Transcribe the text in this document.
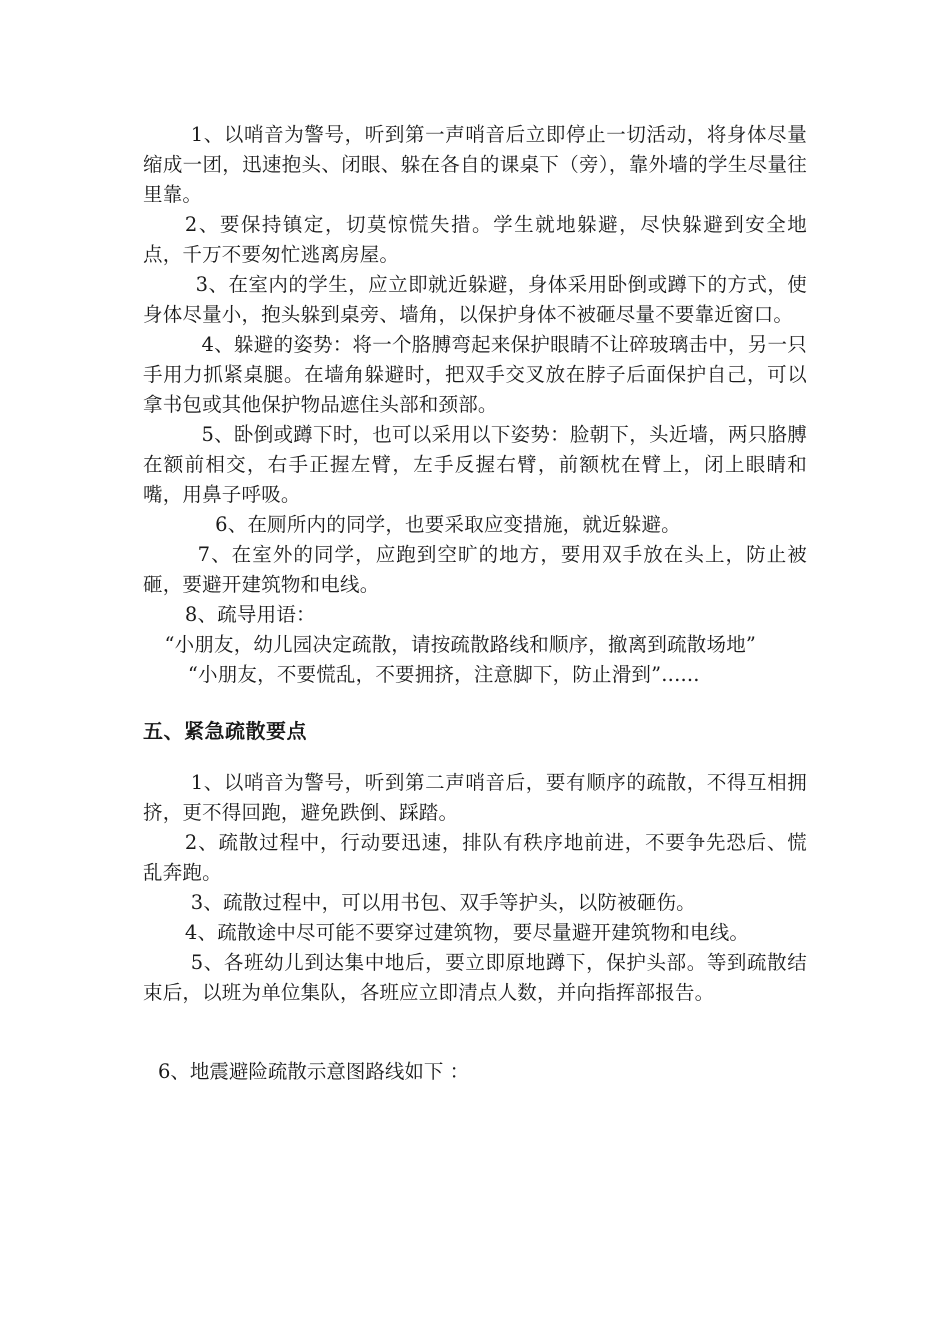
1、以哨音为警号，听到第一声哨音后立即停止一切活动，将身体尽量缩成一团，迅速抱头、闭眼、躲在各自的课桌下（旁），靠外墙的学生尽量往里靠。

2、要保持镇定，切莫惊慌失措。学生就地躲避，尽快躲避到安全地点，千万不要匆忙逃离房屋。

3、在室内的学生，应立即就近躲避，身体采用卧倒或蹲下的方式，使身体尽量小，抱头躲到桌旁、墙角，以保护身体不被砸尽量不要靠近窗口。

4、躲避的姿势：将一个胳膊弯起来保护眼睛不让碎玻璃击中，另一只手用力抓紧桌腿。在墙角躲避时，把双手交叉放在脖子后面保护自己，可以拿书包或其他保护物品遮住头部和颈部。

5、卧倒或蹲下时，也可以采用以下姿势：脸朝下，头近墙，两只胳膊在额前相交，右手正握左臂，左手反握右臂，前额枕在臂上，闭上眼睛和嘴，用鼻子呼吸。

6、在厕所内的同学，也要采取应变措施，就近躲避。

7、在室外的同学，应跑到空旷的地方，要用双手放在头上，防止被砸，要避开建筑物和电线。

8、疏导用语：

“小朋友，幼儿园决定疏散，请按疏散路线和顺序，撤离到疏散场地”

“小朋友，不要慌乱，不要拥挤，注意脚下，防止滑到”......

五、紧急疏散要点

1、以哨音为警号，听到第二声哨音后，要有顺序的疏散，不得互相拥挤，更不得回跑，避免跌倒、踩踏。

2、疏散过程中，行动要迅速，排队有秩序地前进，不要争先恐后、慌乱奔跑。

3、疏散过程中，可以用书包、双手等护头，以防被砸伤。

4、疏散途中尽可能不要穿过建筑物，要尽量避开建筑物和电线。

5、各班幼儿到达集中地后，要立即原地蹲下，保护头部。等到疏散结束后，以班为单位集队，各班应立即清点人数，并向指挥部报告。

6、地震避险疏散示意图路线如下 ：
